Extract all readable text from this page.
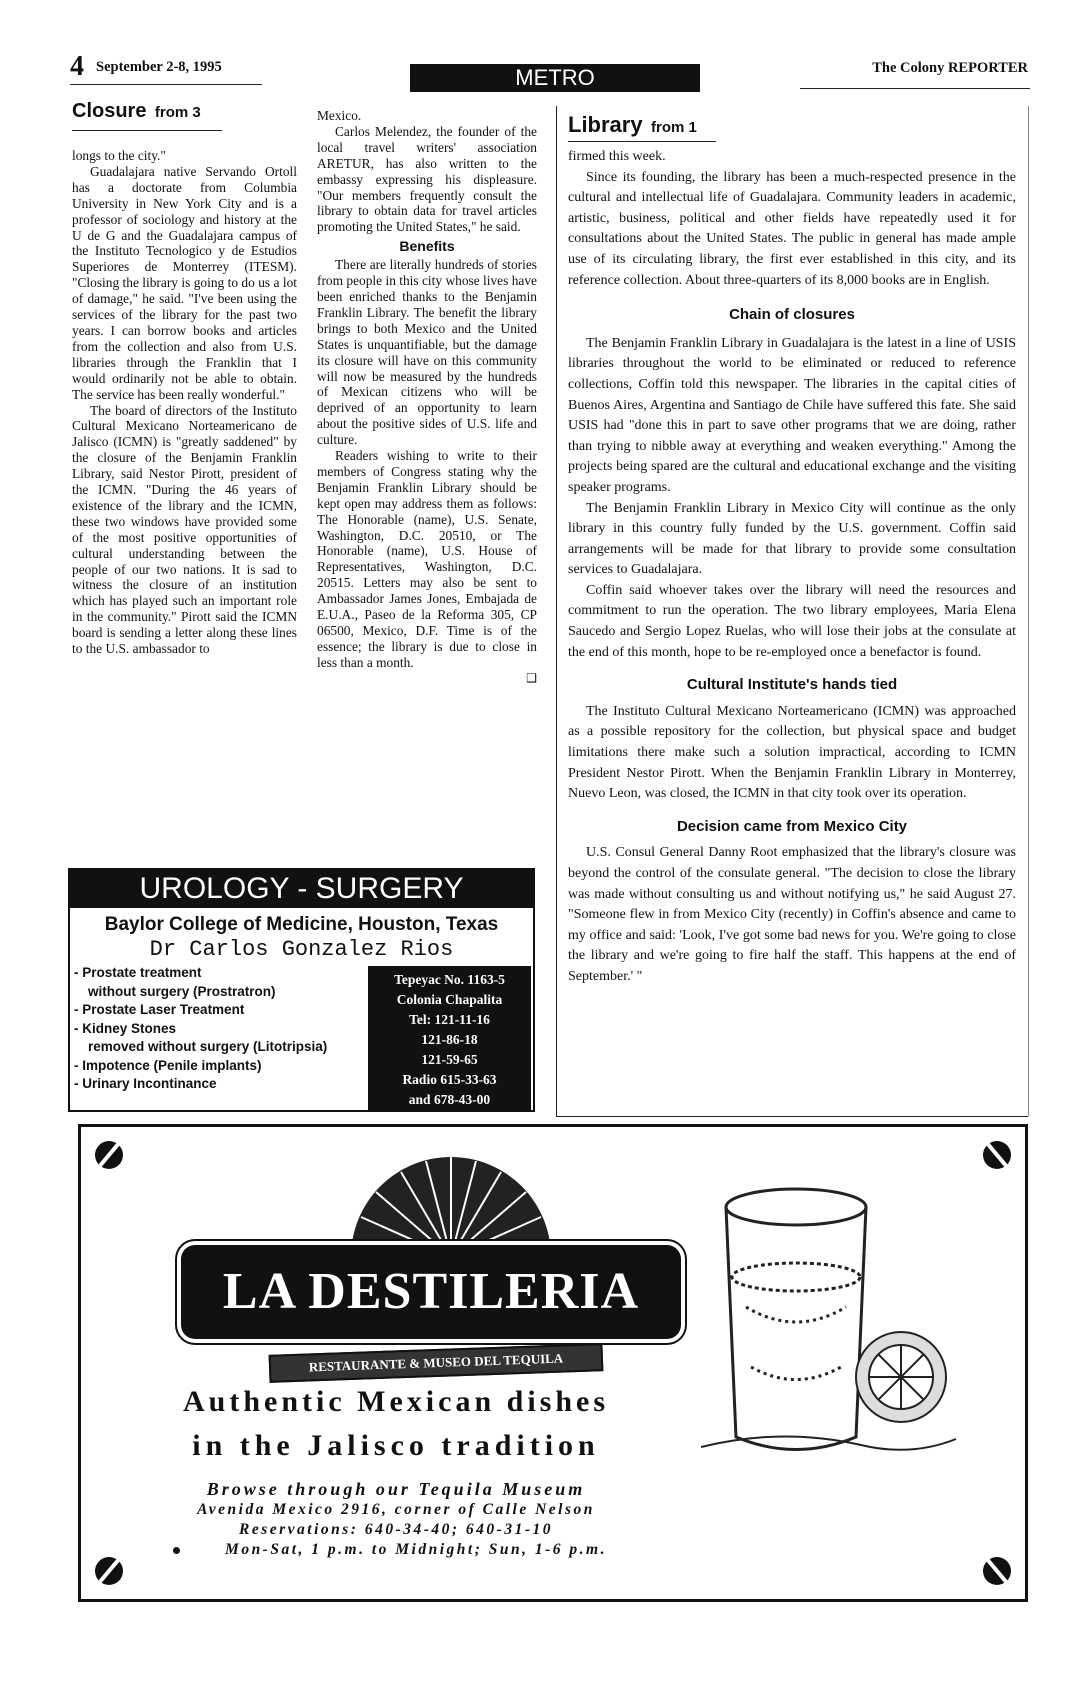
4 September 2-8, 1995	METRO	The Colony REPORTER
Closure from 3

longs to the city."

Guadalajara native Servando Ortoll has a doctorate from Columbia University in New York City and is a professor of sociology and history at the U de G and the Guadalajara campus of the Instituto Tecnologico y de Estudios Superiores de Monterrey (ITESM). "Closing the library is going to do us a lot of damage," he said. "I've been using the services of the library for the past two years. I can borrow books and articles from the collection and also from U.S. libraries through the Franklin that I would ordinarily not be able to obtain. The service has been really wonderful."

The board of directors of the Instituto Cultural Mexicano Norteamericano de Jalisco (ICMN) is "greatly saddened" by the closure of the Benjamin Franklin Library, said Nestor Pirott, president of the ICMN. "During the 46 years of existence of the library and the ICMN, these two windows have provided some of the most positive opportunities of cultural understanding between the people of our two nations. It is sad to witness the closure of an institution which has played such an important role in the community." Pirott said the ICMN board is sending a letter along these lines to the U.S. ambassador to

Mexico.

Carlos Melendez, the founder of the local travel writers' association ARETUR, has also written to the embassy expressing his displeasure. "Our members frequently consult the library to obtain data for travel articles promoting the United States," he said.

Benefits

There are literally hundreds of stories from people in this city whose lives have been enriched thanks to the Benjamin Franklin Library. The benefit the library brings to both Mexico and the United States is unquantifiable, but the damage its closure will have on this community will now be measured by the hundreds of Mexican citizens who will be deprived of an opportunity to learn about the positive sides of U.S. life and culture.

Readers wishing to write to their members of Congress stating why the Benjamin Franklin Library should be kept open may address them as follows: The Honorable (name), U.S. Senate, Washington, D.C. 20510, or The Honorable (name), U.S. House of Representatives, Washington, D.C. 20515. Letters may also be sent to Ambassador James Jones, Embajada de E.U.A., Paseo de la Reforma 305, CP 06500, Mexico, D.F. Time is of the essence; the library is due to close in less than a month.

❑
UROLOGY - SURGERY
Baylor College of Medicine, Houston, Texas
Dr Carlos Gonzalez Rios
- Prostate treatment
without surgery (Prostratron)
- Prostate Laser Treatment
- Kidney Stones
removed without surgery (Litotripsia)
- Impotence (Penile implants)
- Urinary Incontinance
Tepeyac No. 1163-5
Colonia Chapalita
Tel: 121-11-16
121-86-18
121-59-65
Radio 615-33-63
and 678-43-00
Library from 1

firmed this week.

Since its founding, the library has been a much-respected presence in the cultural and intellectual life of Guadalajara. Community leaders in academic, artistic, business, political and other fields have repeatedly used it for consultations about the United States. The public in general has made ample use of its circulating library, the first ever established in this city, and its reference collection. About three-quarters of its 8,000 books are in English.

Chain of closures

The Benjamin Franklin Library in Guadalajara is the latest in a line of USIS libraries throughout the world to be eliminated or reduced to reference collections, Coffin told this newspaper. The libraries in the capital cities of Buenos Aires, Argentina and Santiago de Chile have suffered this fate. She said USIS had "done this in part to save other programs that we are doing, rather than trying to nibble away at everything and weaken everything." Among the projects being spared are the cultural and educational exchange and the visiting speaker programs.

The Benjamin Franklin Library in Mexico City will continue as the only library in this country fully funded by the U.S. government. Coffin said arrangements will be made for that library to provide some consultation services to Guadalajara.

Coffin said whoever takes over the library will need the resources and commitment to run the operation. The two library employees, Maria Elena Saucedo and Sergio Lopez Ruelas, who will lose their jobs at the consulate at the end of this month, hope to be re-employed once a benefactor is found.

Cultural Institute's hands tied

The Instituto Cultural Mexicano Norteamericano (ICMN) was approached as a possible repository for the collection, but physical space and budget limitations there make such a solution impractical, according to ICMN President Nestor Pirott. When the Benjamin Franklin Library in Monterrey, Nuevo Leon, was closed, the ICMN in that city took over its operation.

Decision came from Mexico City

U.S. Consul General Danny Root emphasized that the library's closure was beyond the control of the consulate general. "The decision to close the library was made without consulting us and without notifying us," he said August 27. "Someone flew in from Mexico City (recently) in Coffin's absence and came to my office and said: 'Look, I've got some bad news for you. We're going to close the library and we're going to fire half the staff. This happens at the end of September.' "

LA DESTILERIA
RESTAURANTE & MUSEO DEL TEQUILA
Authentic Mexican dishes
in the Jalisco tradition
Browse through our Tequila Museum
Avenida Mexico 2916, corner of Calle Nelson
Reservations: 640-34-40; 640-31-10
Mon-Sat, 1 p.m. to Midnight; Sun, 1-6 p.m.
